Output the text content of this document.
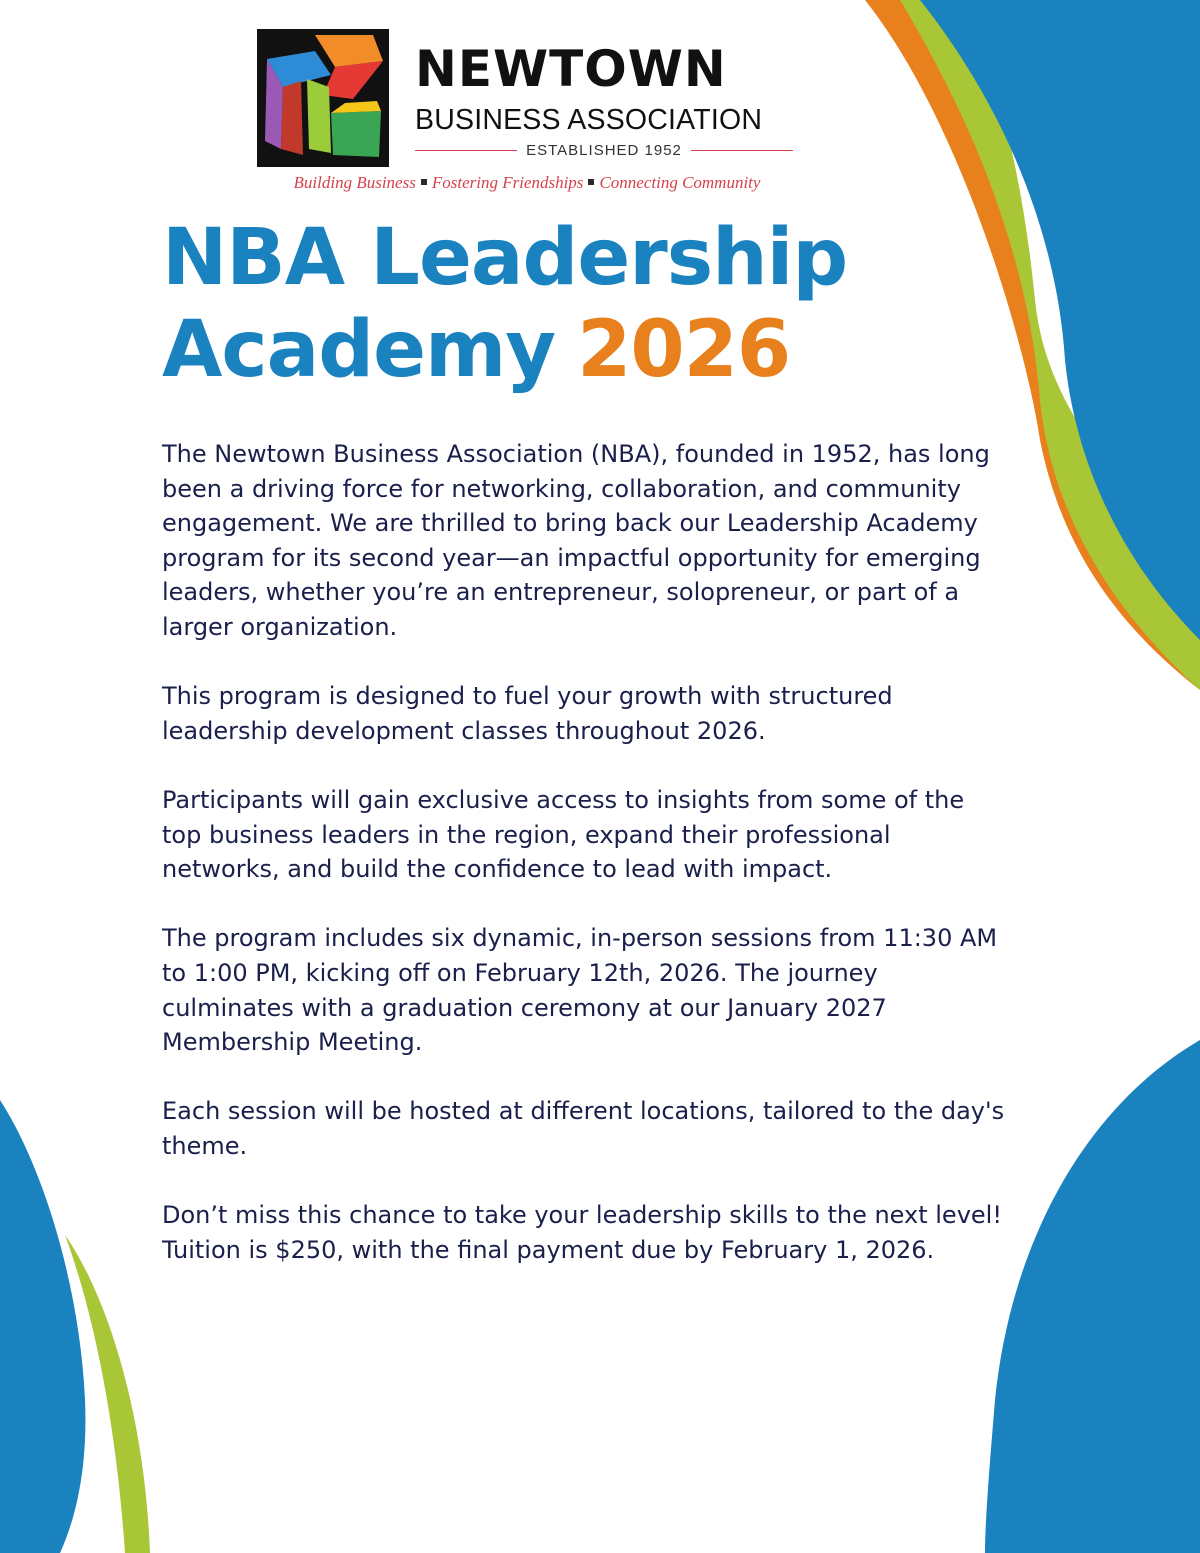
NEWTOWN
BUSINESS ASSOCIATION
ESTABLISHED 1952
Building Business Fostering Friendships Connecting Community
NBA Leadership
Academy 2026

The Newtown Business Association (NBA), founded in 1952, has long been a driving force for networking, collaboration, and community engagement. We are thrilled to bring back our Leadership Academy program for its second year—an impactful opportunity for emerging leaders, whether you’re an entrepreneur, solopreneur, or part of a larger organization.

This program is designed to fuel your growth with structured leadership development classes throughout 2026.

Participants will gain exclusive access to insights from some of the top business leaders in the region, expand their professional networks, and build the confidence to lead with impact.

The program includes six dynamic, in-person sessions from 11:30 AM to 1:00 PM, kicking off on February 12th, 2026. The journey culminates with a graduation ceremony at our January 2027 Membership Meeting.

Each session will be hosted at different locations, tailored to the day's theme.

Don’t miss this chance to take your leadership skills to the next level! Tuition is $250, with the final payment due by February 1, 2026.
